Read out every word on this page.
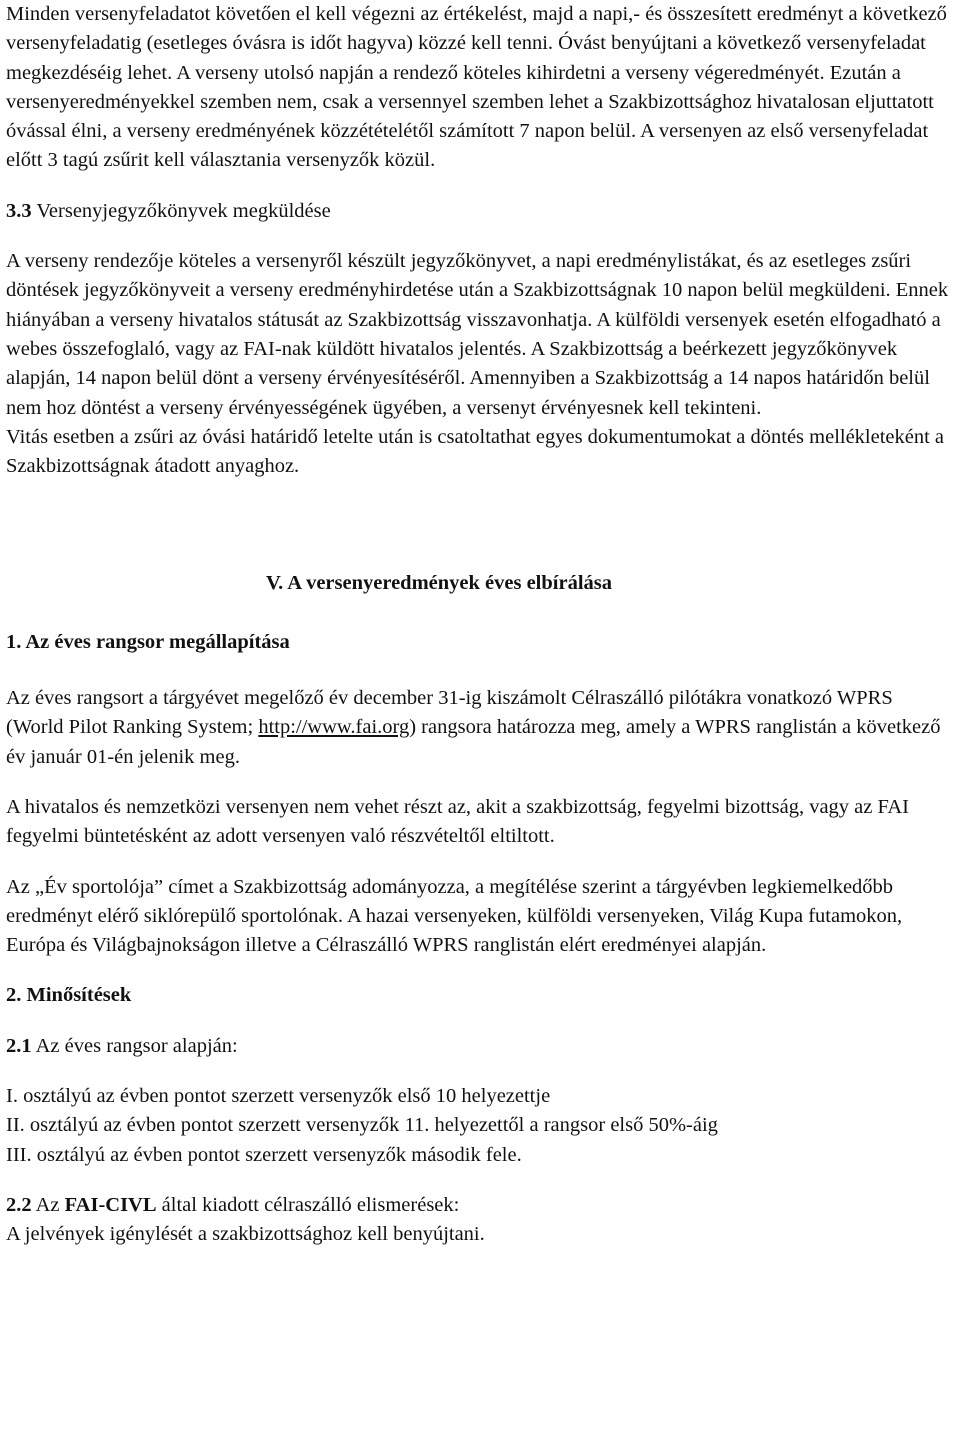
Minden versenyfeladatot követően el kell végezni az értékelést, majd a napi,- és összesített eredményt a következő versenyfeladatig (esetleges óvásra is időt hagyva) közzé kell tenni. Óvást benyújtani a következő versenyfeladat megkezdéséig lehet. A verseny utolsó napján a rendező köteles kihirdetni a verseny végeredményét. Ezután a versenyeredményekkel szemben nem, csak a versennyel szemben lehet a Szakbizottsághoz hivatalosan eljuttatott óvással élni, a verseny eredményének közzétételétől számított 7 napon belül. A versenyen az első versenyfeladat előtt 3 tagú zsűrit kell választania versenyzők közül.

3.3 Versenyjegyzőkönyvek megküldése

A verseny rendezője köteles a versenyről készült jegyzőkönyvet, a napi eredménylistákat, és az esetleges zsűri döntések jegyzőkönyveit a verseny eredményhirdetése után a Szakbizottságnak 10 napon belül megküldeni. Ennek hiányában a verseny hivatalos státusát az Szakbizottság visszavonhatja. A külföldi versenyek esetén elfogadható a webes összefoglaló, vagy az FAI-nak küldött hivatalos jelentés. A Szakbizottság a beérkezett jegyzőkönyvek alapján, 14 napon belül dönt a verseny érvényesítéséről. Amennyiben a Szakbizottság a 14 napos határidőn belül nem hoz döntést a verseny érvényességének ügyében, a versenyt érvényesnek kell tekinteni.

Vitás esetben a zsűri az óvási határidő letelte után is csatoltathat egyes dokumentumokat a döntés mellékleteként a Szakbizottságnak átadott anyaghoz.

V. A versenyeredmények éves elbírálása

1. Az éves rangsor megállapítása

Az éves rangsort a tárgyévet megelőző év december 31-ig kiszámolt Célraszálló pilótákra vonatkozó WPRS (World Pilot Ranking System; http://www.fai.org) rangsora határozza meg, amely a WPRS ranglistán a következő év január 01-én jelenik meg.

A hivatalos és nemzetközi versenyen nem vehet részt az, akit a szakbizottság, fegyelmi bizottság, vagy az FAI fegyelmi büntetésként az adott versenyen való részvételtől eltiltott.

Az „Év sportolója” címet a Szakbizottság adományozza, a megítélése szerint a tárgyévben legkiemelkedőbb eredményt elérő siklórepülő sportolónak. A hazai versenyeken, külföldi versenyeken, Világ Kupa futamokon, Európa és Világbajnokságon illetve a Célraszálló WPRS ranglistán elért eredményei alapján.

2. Minősítések

2.1 Az éves rangsor alapján:

I. osztályú az évben pontot szerzett versenyzők első 10 helyezettje

II. osztályú az évben pontot szerzett versenyzők 11. helyezettől a rangsor első 50%-áig

III. osztályú az évben pontot szerzett versenyzők második fele.

2.2 Az FAI-CIVL által kiadott célraszálló elismerések:

A jelvények igénylését a szakbizottsághoz kell benyújtani.
